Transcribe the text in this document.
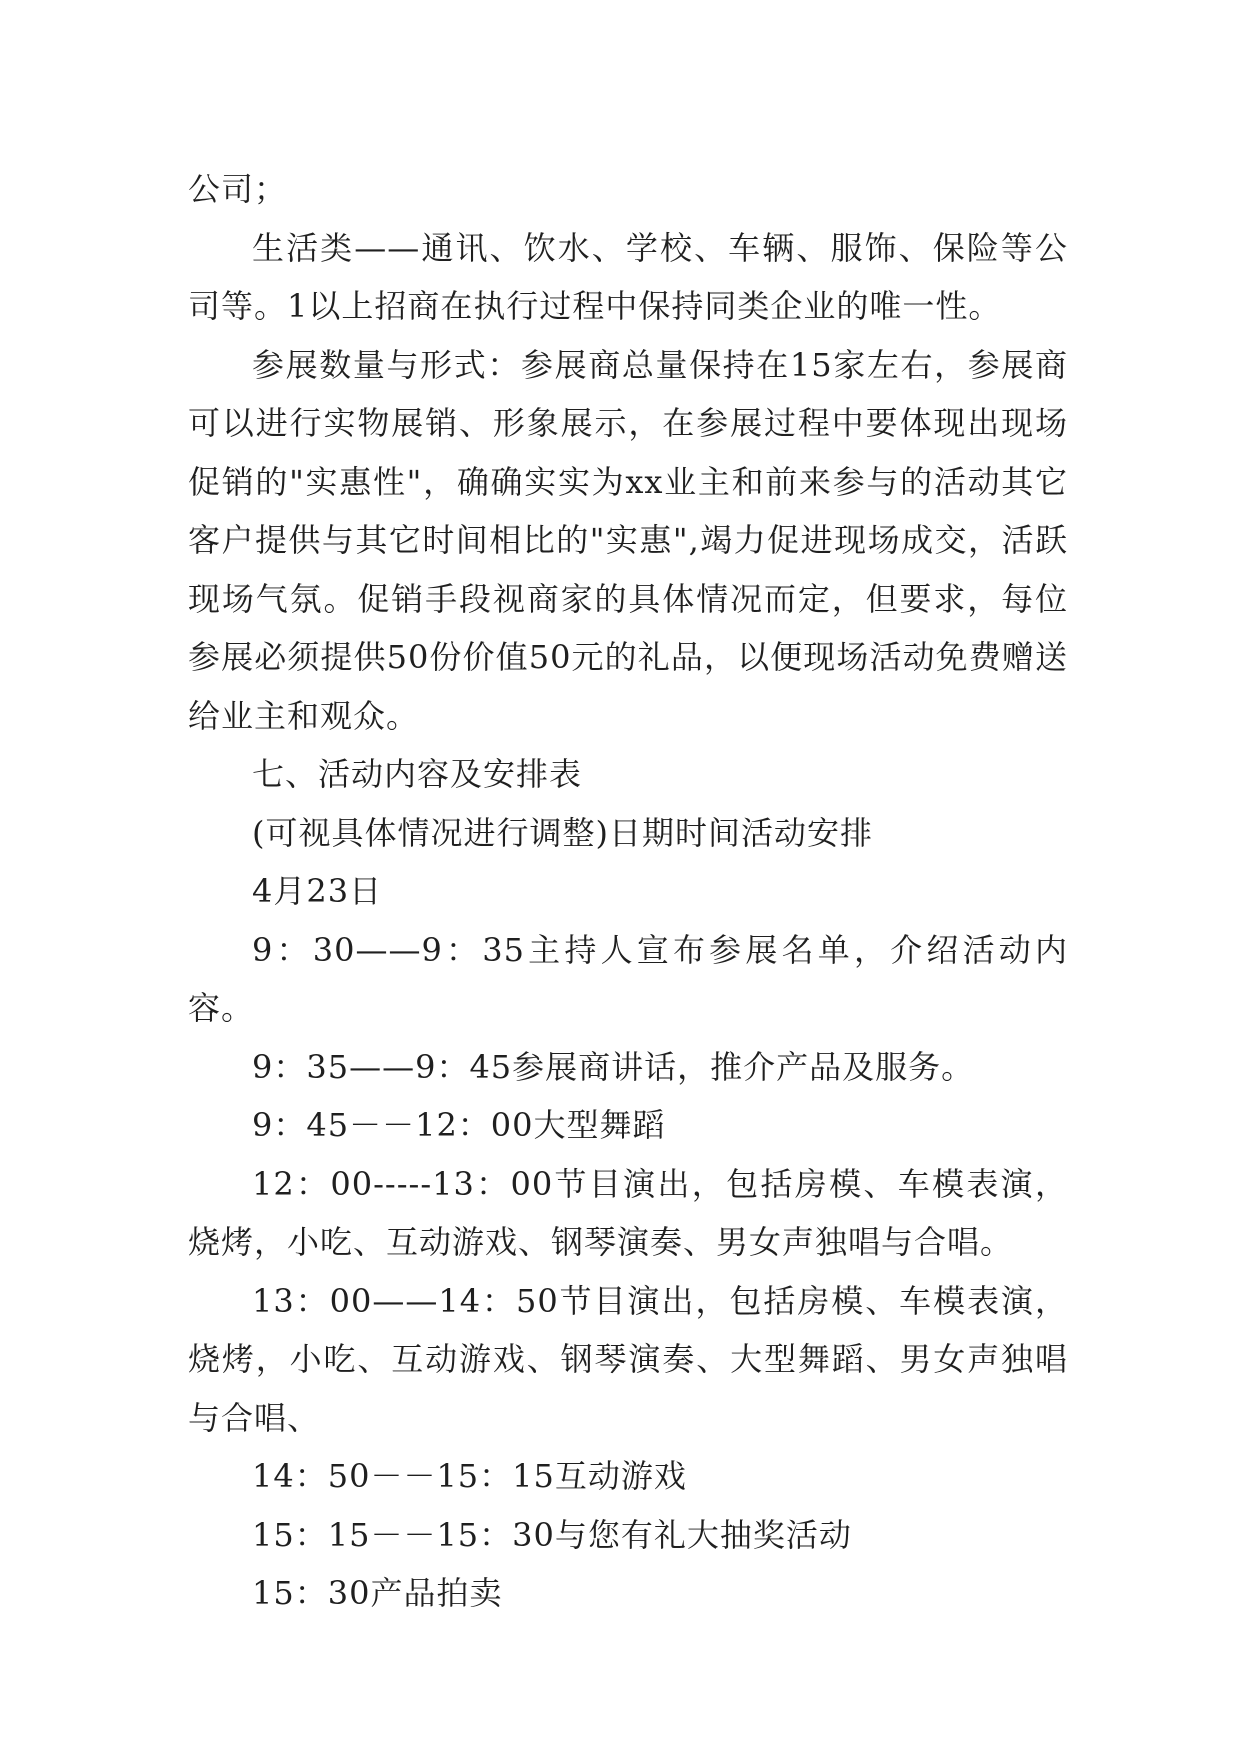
公司；

生活类——通讯、饮水、学校、车辆、服饰、保险等公司等。1以上招商在执行过程中保持同类企业的唯一性。

参展数量与形式：参展商总量保持在15家左右，参展商可以进行实物展销、形象展示，在参展过程中要体现出现场促销的"实惠性"，确确实实为xx业主和前来参与的活动其它客户提供与其它时间相比的"实惠",竭力促进现场成交，活跃现场气氛。促销手段视商家的具体情况而定，但要求，每位参展必须提供50份价值50元的礼品，以便现场活动免费赠送给业主和观众。

七、活动内容及安排表

(可视具体情况进行调整)日期时间活动安排

4月23日

9：30——9：35主持人宣布参展名单，介绍活动内容。

9：35——9：45参展商讲话，推介产品及服务。

9：45－－12：00大型舞蹈

12：00-----13：00节目演出，包括房模、车模表演，烧烤，小吃、互动游戏、钢琴演奏、男女声独唱与合唱。

13：00——14：50节目演出，包括房模、车模表演，烧烤，小吃、互动游戏、钢琴演奏、大型舞蹈、男女声独唱与合唱、

14：50－－15：15互动游戏

15：15－－15：30与您有礼大抽奖活动

15：30产品拍卖
